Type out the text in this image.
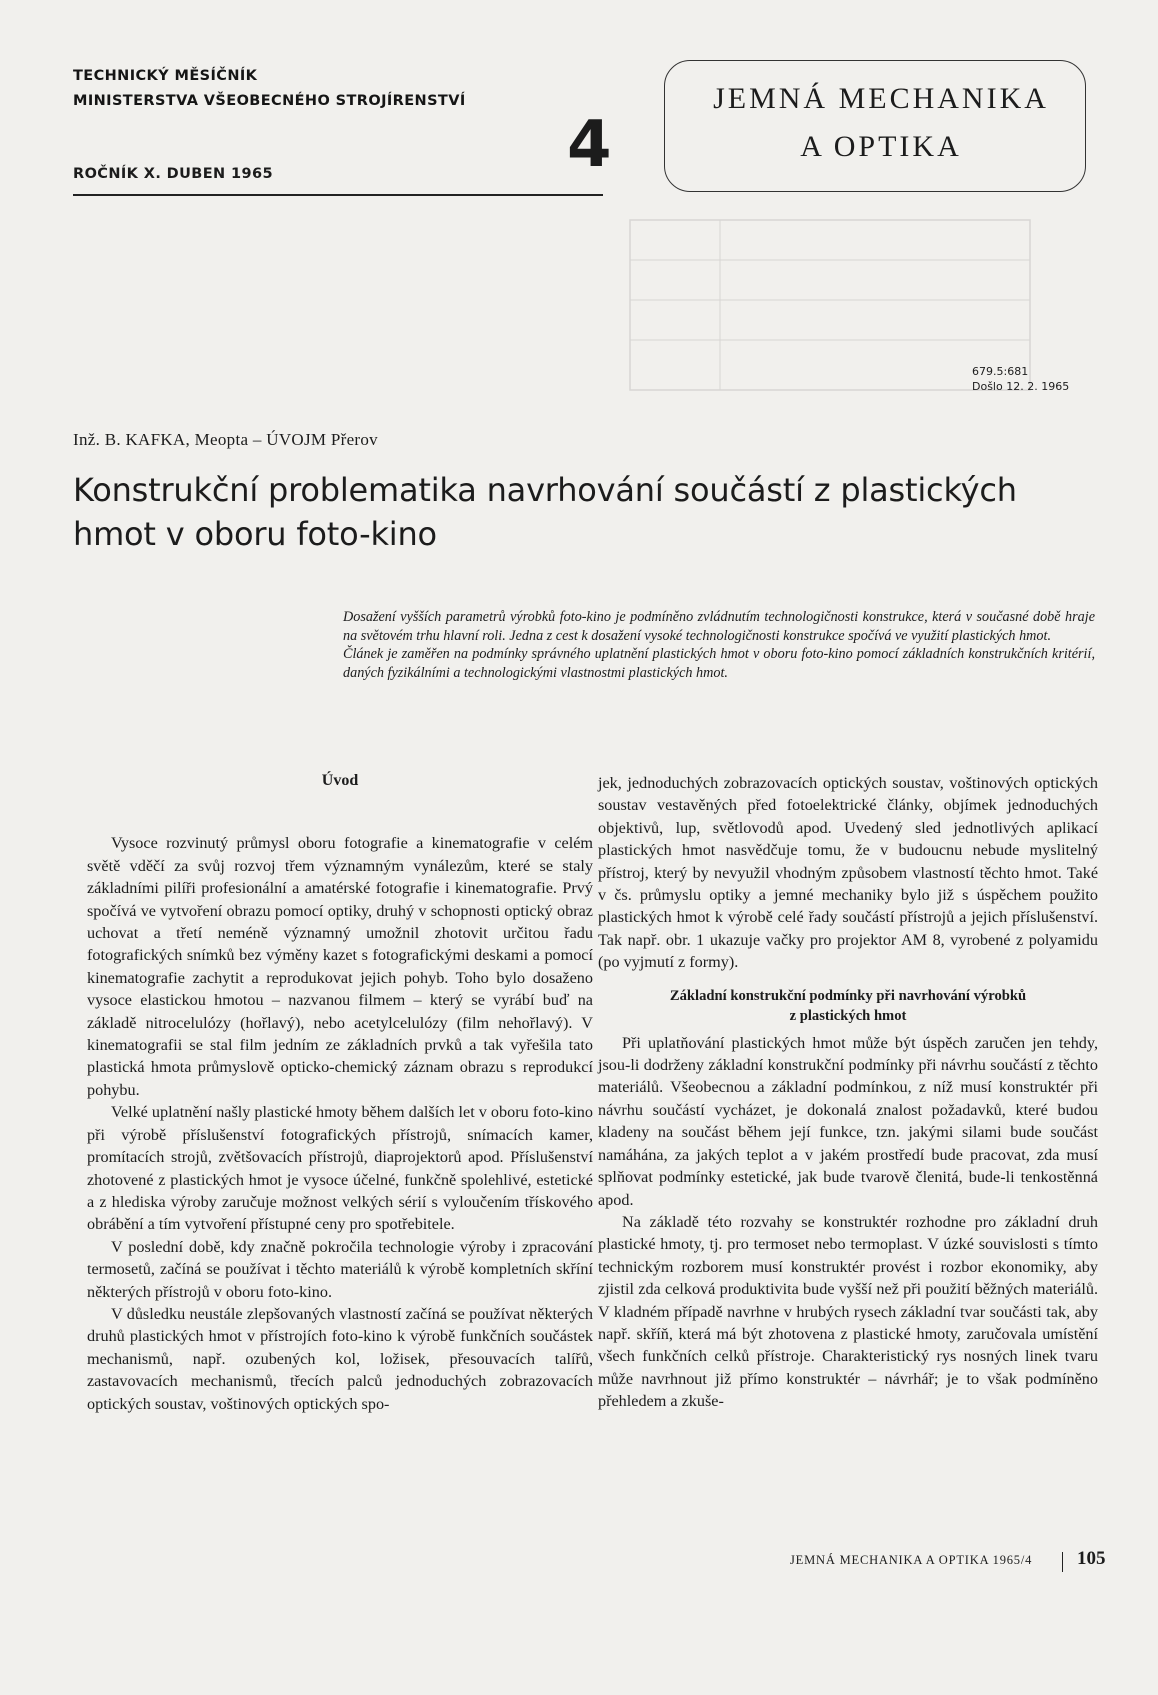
TECHNICKÝ MĚSÍČNÍK
MINISTERSTVA VŠEOBECNÉHO STROJÍRENSTVÍ
ROČNÍK X. DUBEN 1965	4
JEMNÁ MECHANIKA
A OPTIKA
679.5:681
Došlo 12. 2. 1965
Inž. B. KAFKA, Meopta – ÚVOJM Přerov
Konstrukční problematika navrhování součástí z plastických
hmot v oboru foto-kino

Dosažení vyšších parametrů výrobků foto-kino je podmíněno zvládnutím technologičnosti konstrukce, která v současné době hraje na světovém trhu hlavní roli. Jedna z cest k dosažení vysoké technologičnosti konstrukce spočívá ve využití plastických hmot.

Článek je zaměřen na podmínky správného uplatnění plastických hmot v oboru foto-kino pomocí základních konstrukčních kritérií, daných fyzikálními a technologickými vlastnostmi plastických hmot.

Úvod

Vysoce rozvinutý průmysl oboru fotografie a kinematografie v celém světě vděčí za svůj rozvoj třem významným vynálezům, které se staly základními pilíři profesionální a amatérské fotografie i kinematografie. Prvý spočívá ve vytvoření obrazu pomocí optiky, druhý v schopnosti optický obraz uchovat a třetí neméně významný umožnil zhotovit určitou řadu fotografických snímků bez výměny kazet s fotografickými deskami a pomocí kinematografie zachytit a reprodukovat jejich pohyb. Toho bylo dosaženo vysoce elastickou hmotou – nazvanou filmem – který se vyrábí buď na základě nitrocelulózy (hořlavý), nebo acetylcelulózy (film nehořlavý). V kinematografii se stal film jedním ze základních prvků a tak vyřešila tato plastická hmota průmyslově opticko-chemický záznam obrazu s reprodukcí pohybu.

Velké uplatnění našly plastické hmoty během dalších let v oboru foto-kino při výrobě příslušenství fotografických přístrojů, snímacích kamer, promítacích strojů, zvětšovacích přístrojů, diaprojektorů apod. Příslušenství zhotovené z plastických hmot je vysoce účelné, funkčně spolehlivé, estetické a z hlediska výroby zaručuje možnost velkých sérií s vyloučením třískového obrábění a tím vytvoření přístupné ceny pro spotřebitele.

V poslední době, kdy značně pokročila technologie výroby i zpracování termosetů, začíná se používat i těchto materiálů k výrobě kompletních skříní některých přístrojů v oboru foto-kino.

V důsledku neustále zlepšovaných vlastností začíná se používat některých druhů plastických hmot v přístrojích foto-kino k výrobě funkčních součástek mechanismů, např. ozubených kol, ložisek, přesouvacích talířů, zastavovacích mechanismů, třecích palců jednoduchých zobrazovacích optických soustav, voštinových optických spo-

jek, jednoduchých zobrazovacích optických soustav, voštinových optických soustav vestavěných před fotoelektrické články, objímek jednoduchých objektivů, lup, světlovodů apod. Uvedený sled jednotlivých aplikací plastických hmot nasvědčuje tomu, že v budoucnu nebude myslitelný přístroj, který by nevyužil vhodným způsobem vlastností těchto hmot. Také v čs. průmyslu optiky a jemné mechaniky bylo již s úspěchem použito plastických hmot k výrobě celé řady součástí přístrojů a jejich příslušenství. Tak např. obr. 1 ukazuje vačky pro projektor AM 8, vyrobené z polyamidu (po vyjmutí z formy).

Základní konstrukční podmínky při navrhování výrobků
z plastických hmot

Při uplatňování plastických hmot může být úspěch zaručen jen tehdy, jsou-li dodrženy základní konstrukční podmínky při návrhu součástí z těchto materiálů. Všeobecnou a základní podmínkou, z níž musí konstruktér při návrhu součástí vycházet, je dokonalá znalost požadavků, které budou kladeny na součást během její funkce, tzn. jakými silami bude součást namáhána, za jakých teplot a v jakém prostředí bude pracovat, zda musí splňovat podmínky estetické, jak bude tvarově členitá, bude-li tenkostěnná apod.

Na základě této rozvahy se konstruktér rozhodne pro základní druh plastické hmoty, tj. pro termoset nebo termoplast. V úzké souvislosti s tímto technickým rozborem musí konstruktér provést i rozbor ekonomiky, aby zjistil zda celková produktivita bude vyšší než při použití běžných materiálů. V kladném případě navrhne v hrubých rysech základní tvar součásti tak, aby např. skříň, která má být zhotovena z plastické hmoty, zaručovala umístění všech funkčních celků přístroje. Charakteristický rys nosných linek tvaru může navrhnout již přímo konstruktér – návrhář; je to však podmíněno přehledem a zkuše-

JEMNÁ MECHANIKA A OPTIKA 1965/4 105
